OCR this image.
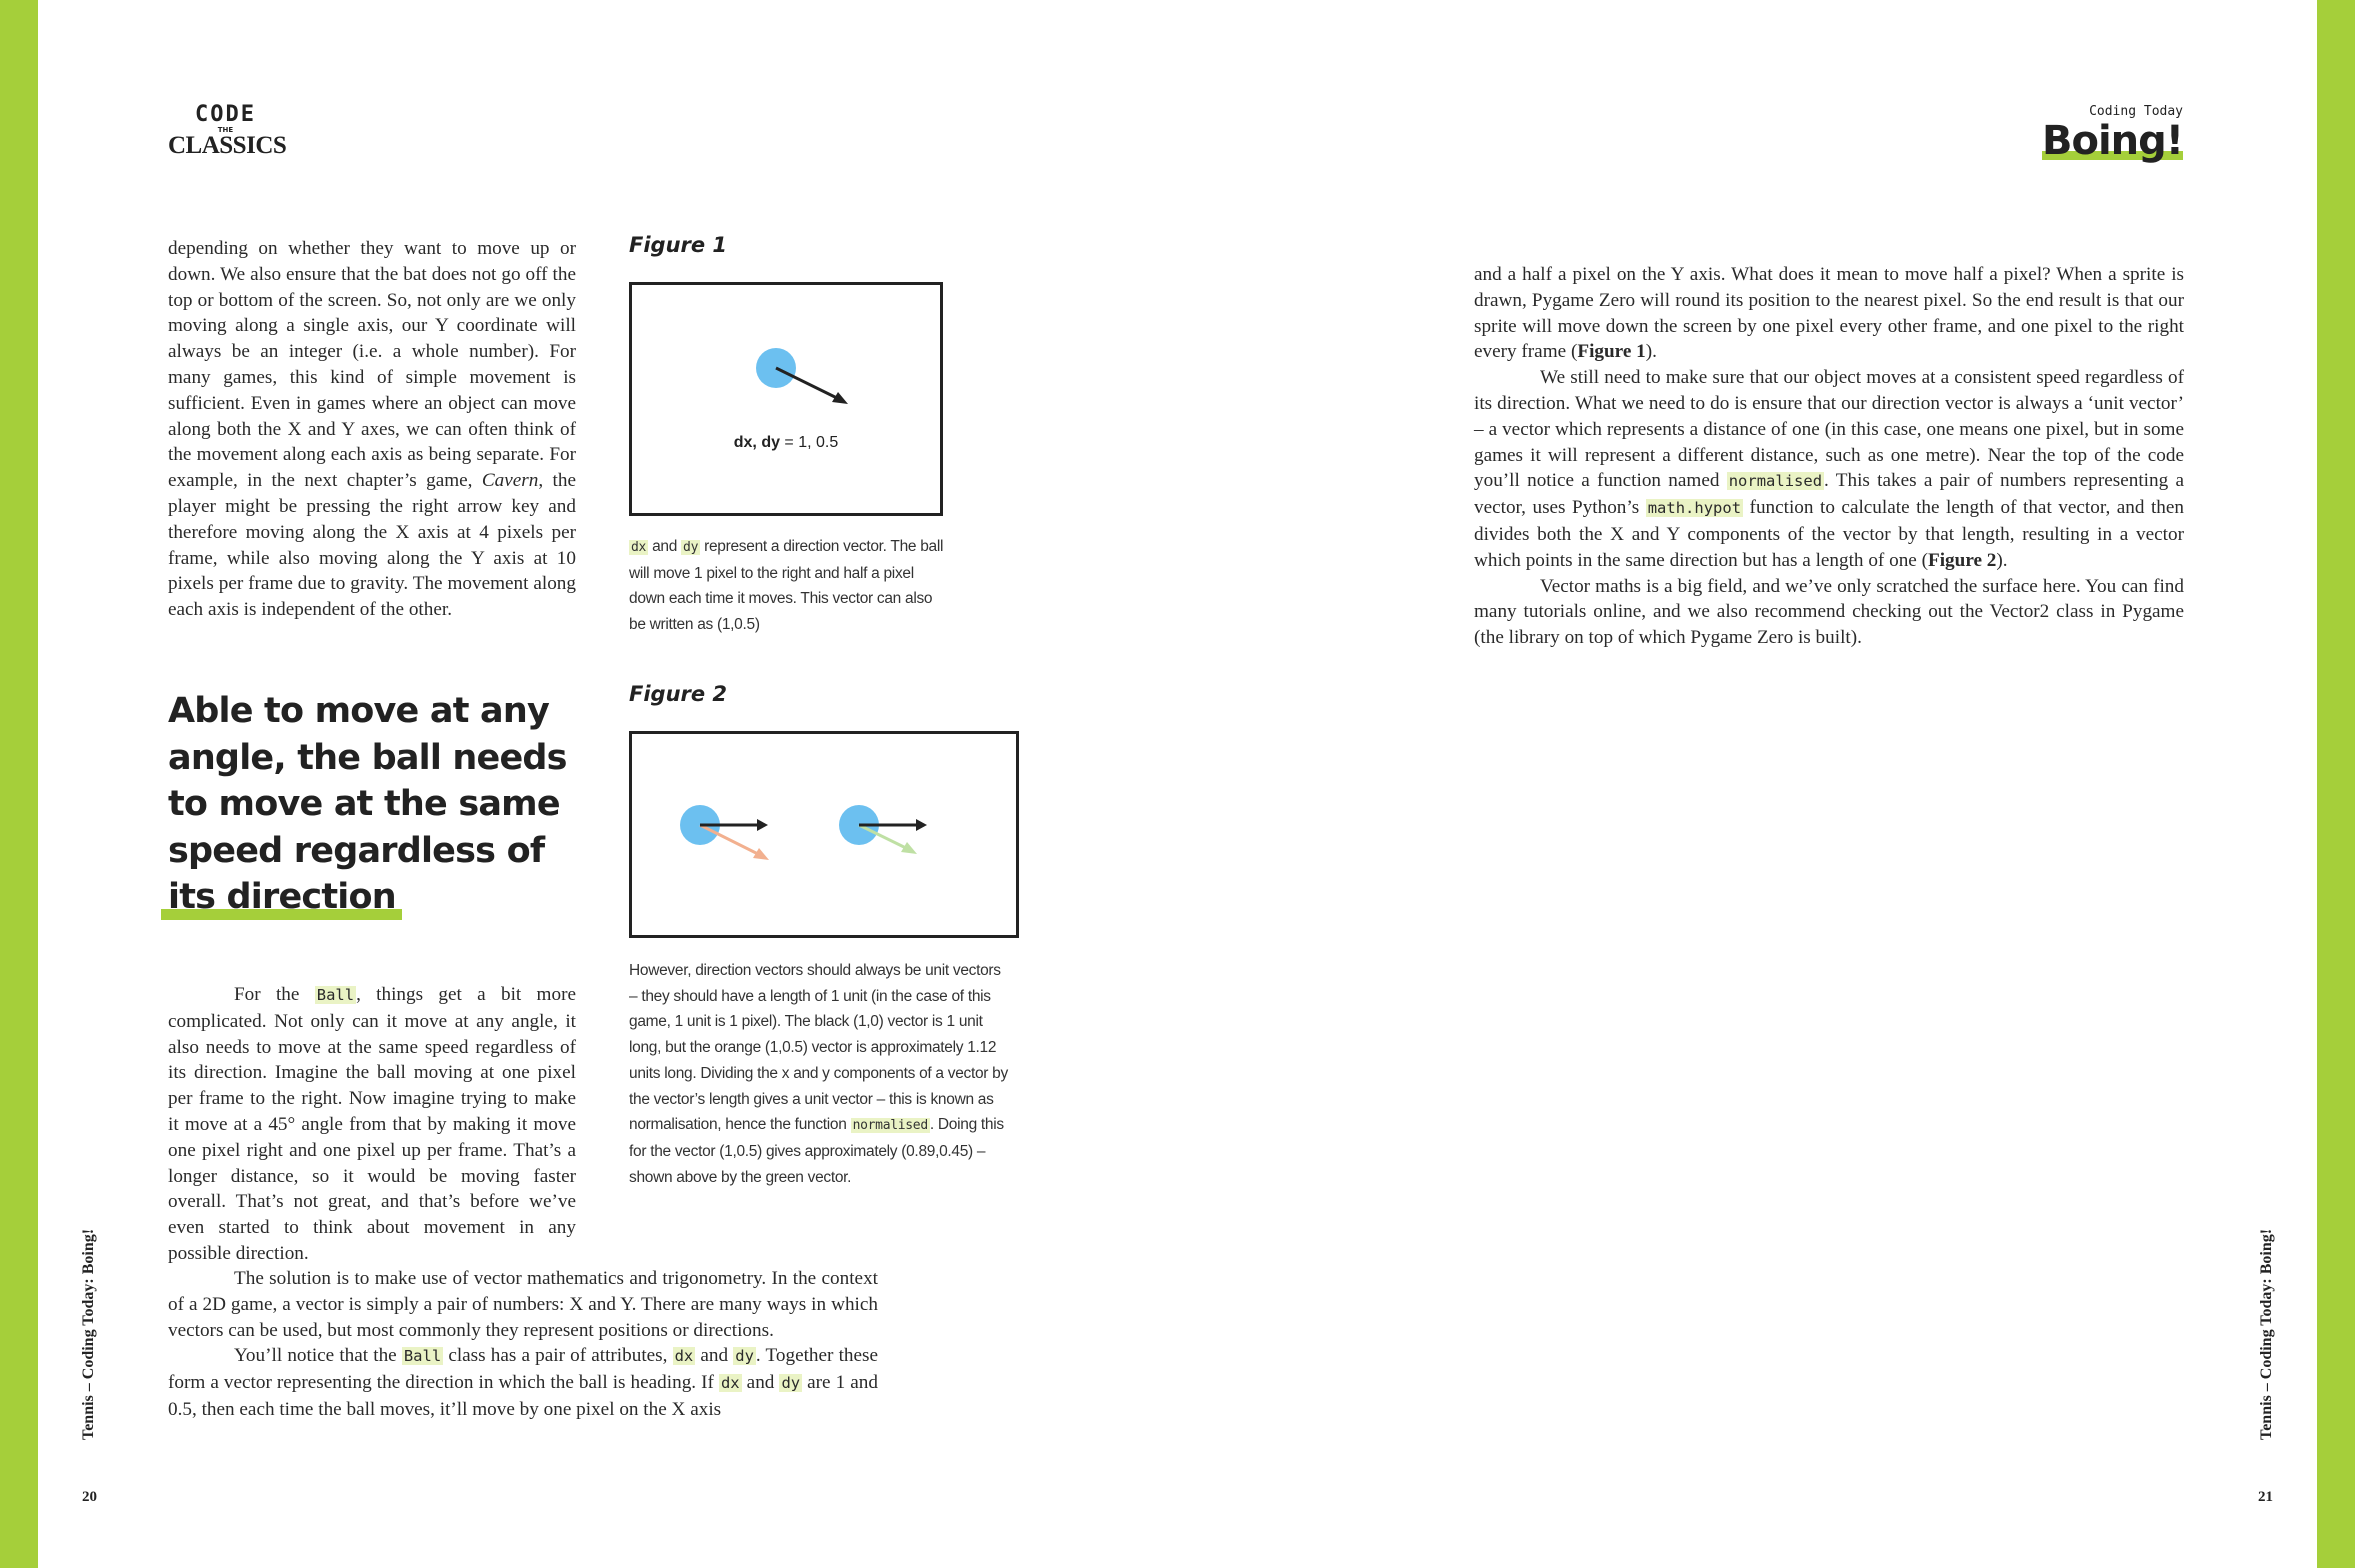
CODE
THE
CLASSICS
Coding Today
Boing!

depending on whether they want to move up or down. We also ensure that the bat does not go off the top or bottom of the screen. So, not only are we only moving along a single axis, our Y coordinate will always be an integer (i.e. a whole number). For many games, this kind of simple movement is sufficient. Even in games where an object can move along both the X and Y axes, we can often think of the movement along each axis as being separate. For example, in the next chapter’s game, Cavern, the player might be pressing the right arrow key and therefore moving along the X axis at 4 pixels per frame, while also moving along the Y axis at 10 pixels per frame due to gravity. The movement along each axis is independent of the other.

Able to move at any
angle, the ball needs
to move at the same
speed regardless of
its direction

For the Ball , things get a bit more complicated. Not only can it move at any angle, it also needs to move at the same speed regardless of its direction. Imagine the ball moving at one pixel per frame to the right. Now imagine trying to make it move at a 45° angle from that by making it move one pixel right and one pixel up per frame. That’s a longer distance, so it would be moving faster overall. That’s not great, and that’s before we’ve even started to think about movement in any possible direction.

The solution is to make use of vector mathematics and trigonometry. In the context of a 2D game, a vector is simply a pair of numbers: X and Y. There are many ways in which vectors can be used, but most commonly they represent positions or directions.

You’ll notice that the Ball class has a pair of attributes, dx and dy . Together these form a vector representing the direction in which the ball is heading. If dx and dy are 1 and 0.5, then each time the ball moves, it’ll move by one pixel on the X axis

Figure 1
dx, dy = 1, 0.5
dx and dy represent a direction vector. The ball will move 1 pixel to the right and half a pixel down each time it moves. This vector can also be written as (1,0.5)
Figure 2
However, direction vectors should always be unit vectors – they should have a length of 1 unit (in the case of this game, 1 unit is 1 pixel). The black (1,0) vector is 1 unit long, but the orange (1,0.5) vector is approximately 1.12 units long. Dividing the x and y components of a vector by the vector’s length gives a unit vector – this is known as normalisation, hence the function normalised . Doing this for the vector (1,0.5) gives approximately (0.89,0.45) – shown above by the green vector.

and a half a pixel on the Y axis. What does it mean to move half a pixel? When a sprite is drawn, Pygame Zero will round its position to the nearest pixel. So the end result is that our sprite will move down the screen by one pixel every other frame, and one pixel to the right every frame (Figure 1).

We still need to make sure that our object moves at a consistent speed regardless of its direction. What we need to do is ensure that our direction vector is always a ‘unit vector’ – a vector which represents a distance of one (in this case, one means one pixel, but in some games it will represent a different distance, such as one metre). Near the top of the code you’ll notice a function named normalised . This takes a pair of numbers representing a vector, uses Python’s math.hypot function to calculate the length of that vector, and then divides both the X and Y components of the vector by that length, resulting in a vector which points in the same direction but has a length of one (Figure 2).

Vector maths is a big field, and we’ve only scratched the surface here. You can find many tutorials online, and we also recommend checking out the Vector2 class in Pygame (the library on top of which Pygame Zero is built).

Tennis – Coding Today: Boing!	Tennis – Coding Today: Boing!
20	21
